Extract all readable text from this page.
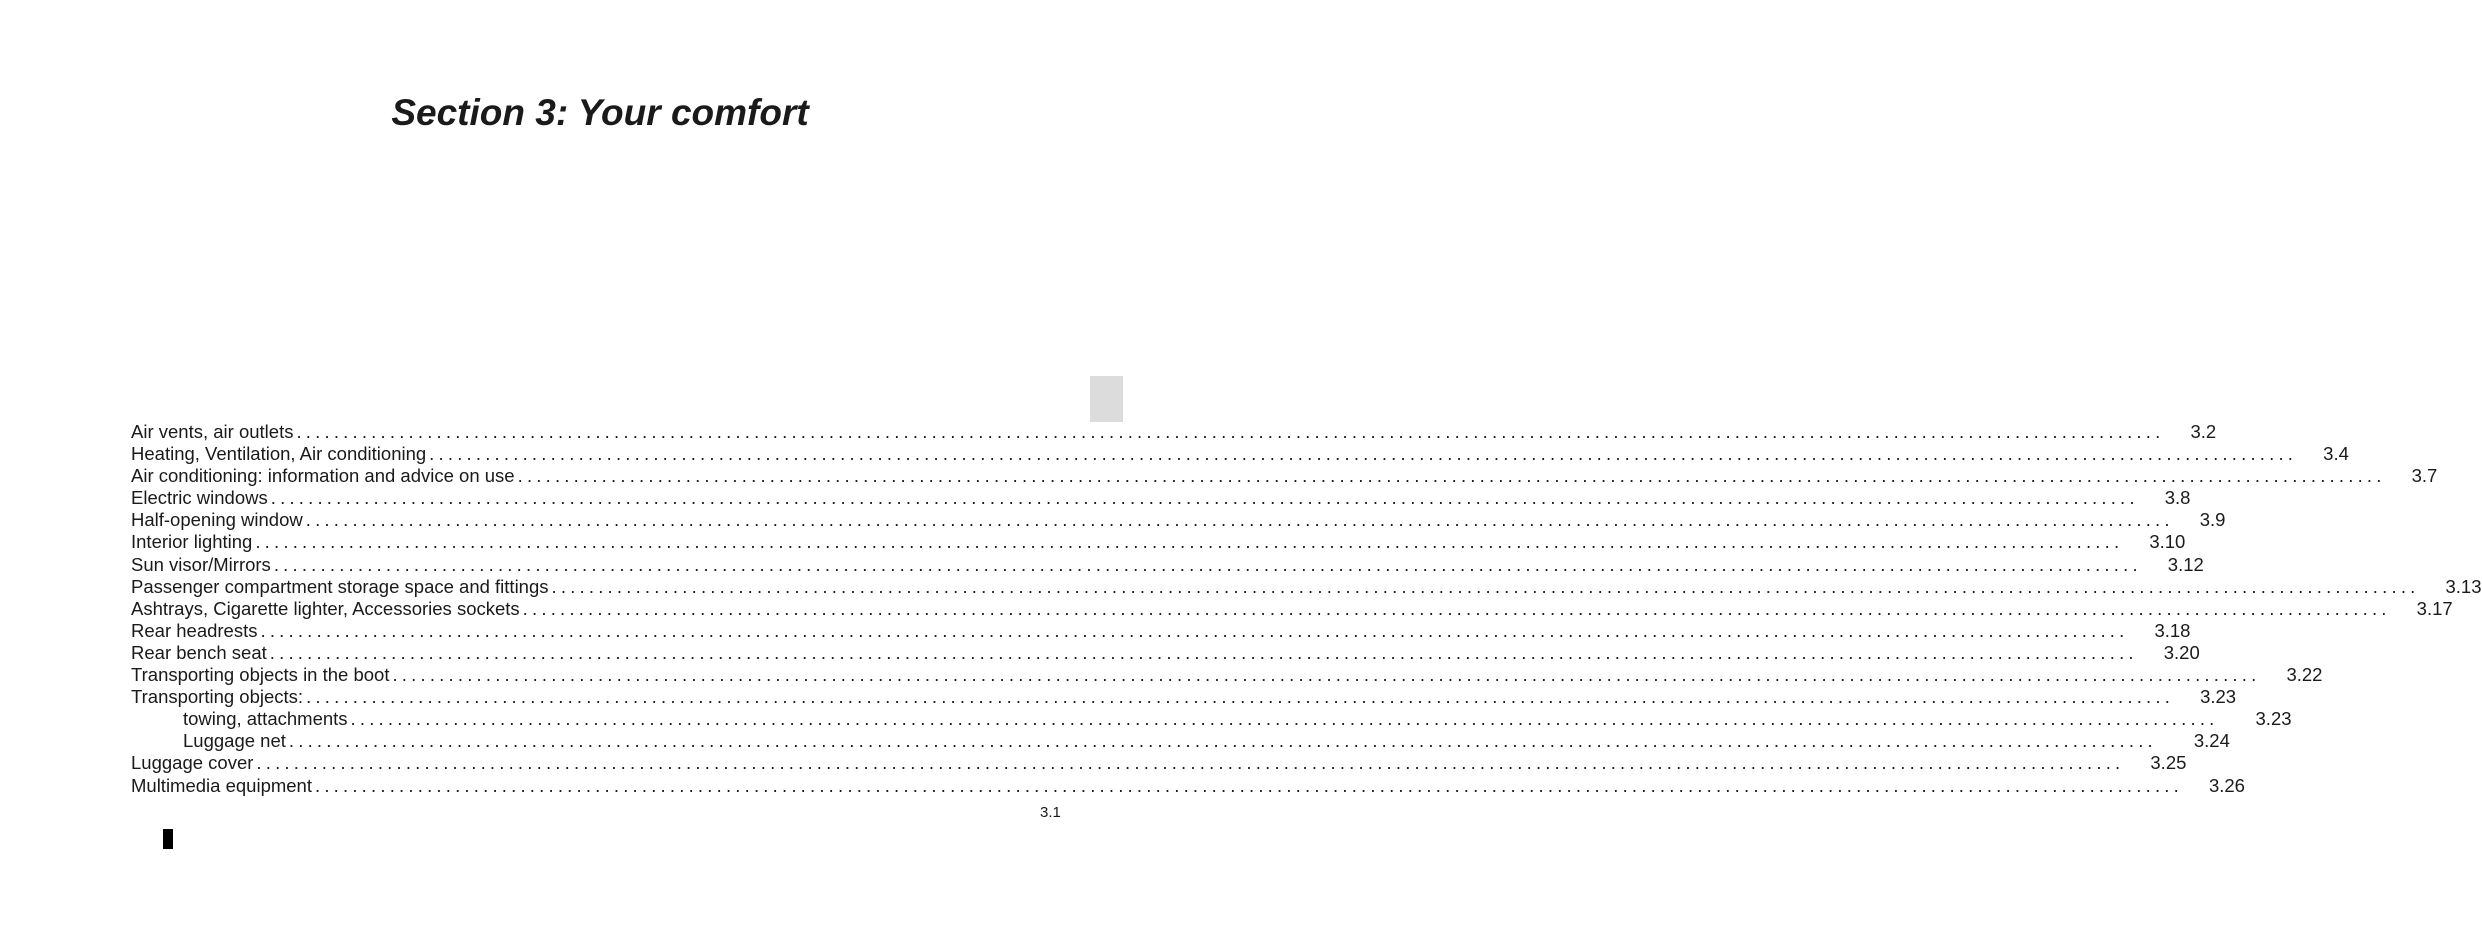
Section 3: Your comfort
Air vents, air outlets ........................................................................................................................................................................................................ 3.2
Heating, Ventilation, Air conditioning ........................................................................................................................................................................................................ 3.4
Air conditioning: information and advice on use ........................................................................................................................................................................................................ 3.7
Electric windows ........................................................................................................................................................................................................ 3.8
Half-opening window ........................................................................................................................................................................................................ 3.9
Interior lighting ........................................................................................................................................................................................................ 3.10
Sun visor/Mirrors ........................................................................................................................................................................................................ 3.12
Passenger compartment storage space and fittings ........................................................................................................................................................................................................ 3.13
Ashtrays, Cigarette lighter, Accessories sockets ........................................................................................................................................................................................................ 3.17
Rear headrests ........................................................................................................................................................................................................ 3.18
Rear bench seat ........................................................................................................................................................................................................ 3.20
Transporting objects in the boot ........................................................................................................................................................................................................ 3.22
Transporting objects: ........................................................................................................................................................................................................ 3.23
towing, attachments ........................................................................................................................................................................................................ 3.23
Luggage net ........................................................................................................................................................................................................ 3.24
Luggage cover ........................................................................................................................................................................................................ 3.25
Multimedia equipment ........................................................................................................................................................................................................ 3.26
3.1
